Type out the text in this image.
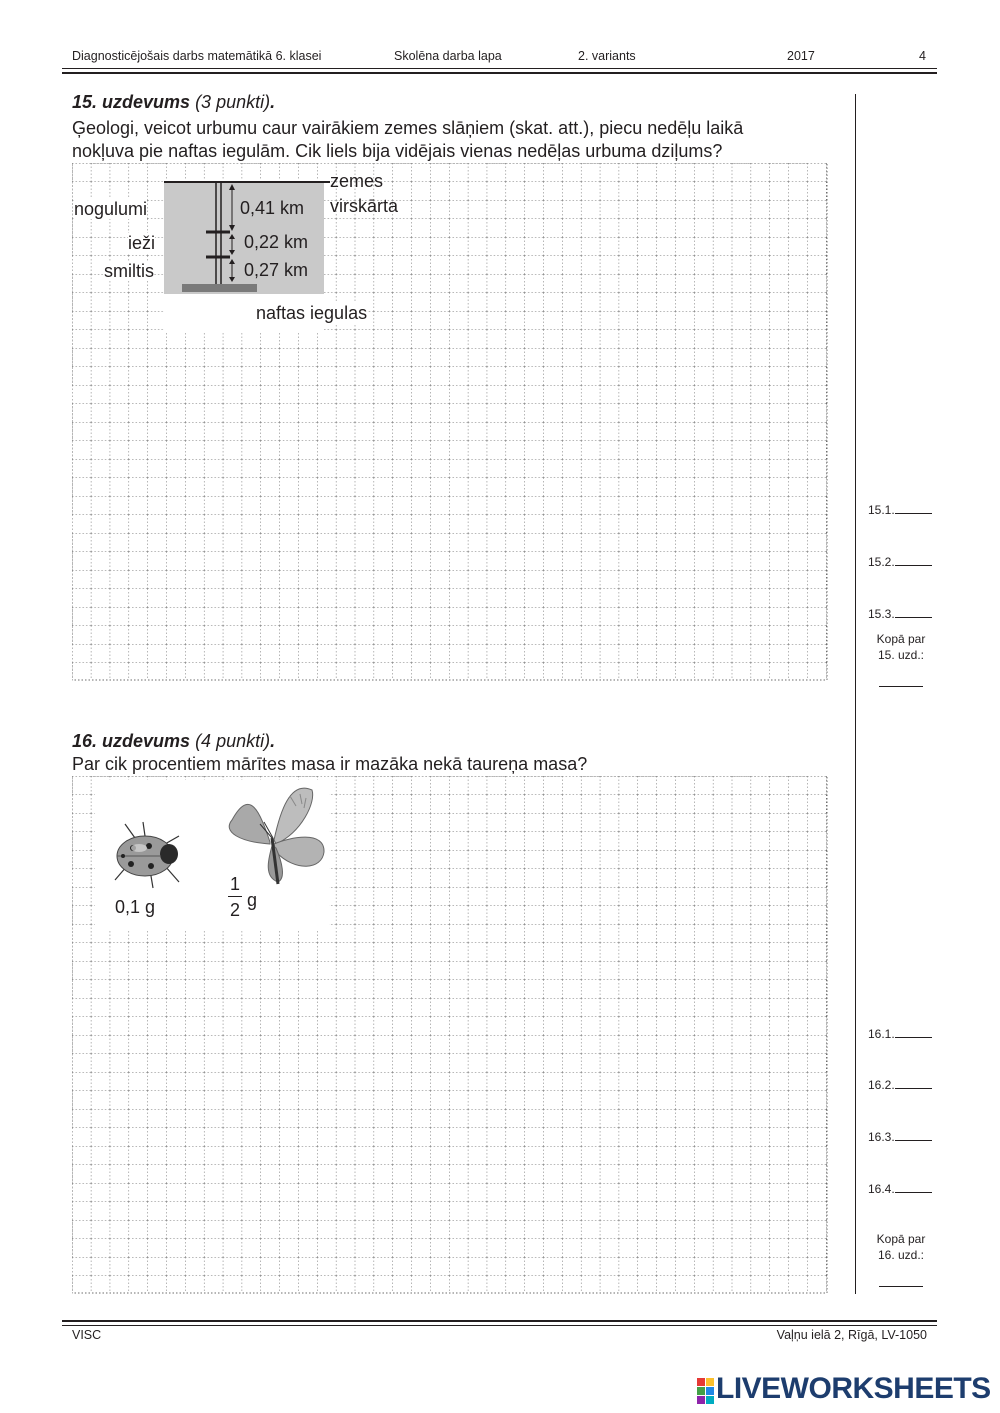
Diagnosticējošais darbs matemātikā 6. klasei	Skolēna darba lapa	2. variants	2017	4
15. uzdevums (3 punkti).
Ģeologi, veicot urbumu caur vairākiem zemes slāņiem (skat. att.), piecu nedēļu laikā
nokļuva pie naftas iegulām. Cik liels bija vidējais vienas nedēļas urbuma dziļums?
zemes
virskārta
nogulumi
ieži
smiltis
0,41 km
0,22 km
0,27 km
naftas iegulas
15.1.
15.2.
15.3.
Kopā par
15. uzd.:
16. uzdevums (4 punkti).
Par cik procentiem mārītes masa ir mazāka nekā taureņa masa?
0,1 g
1
2 g
16.1.
16.2.
16.3.
16.4.
Kopā par
16. uzd.:
VISC	Vaļņu ielā 2, Rīgā, LV-1050
LIVEWORKSHEETS
